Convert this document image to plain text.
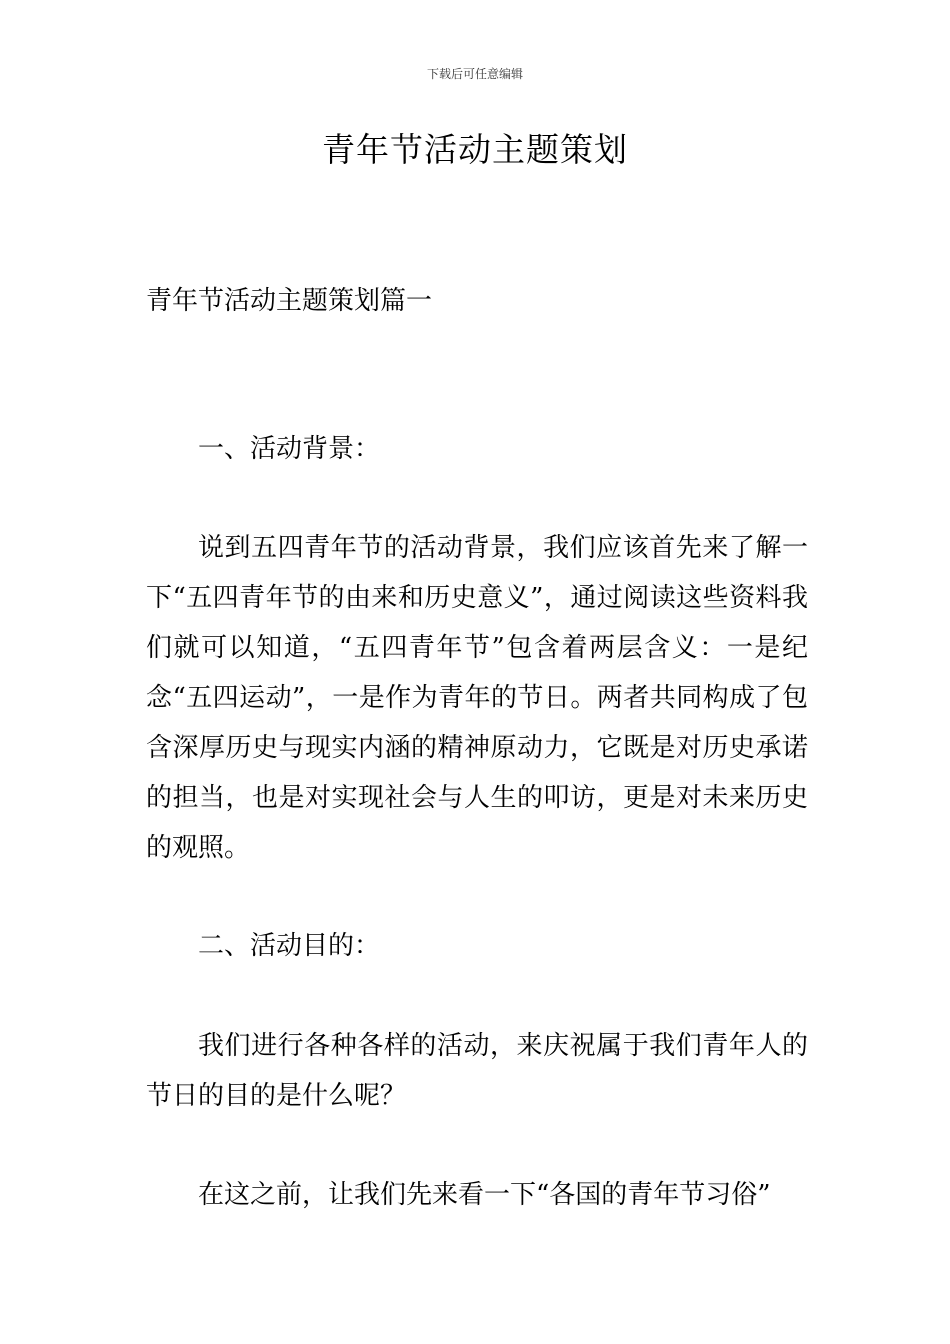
下载后可任意编辑
青年节活动主题策划

青年节活动主题策划篇一

一、活动背景：

说到五四青年节的活动背景，我们应该首先来了解一下“五四青年节的由来和历史意义”，通过阅读这些资料我们就可以知道，“五四青年节”包含着两层含义：一是纪念“五四运动”，一是作为青年的节日。两者共同构成了包含深厚历史与现实内涵的精神原动力，它既是对历史承诺的担当，也是对实现社会与人生的叩访，更是对未来历史的观照。

二、活动目的：

我们进行各种各样的活动，来庆祝属于我们青年人的节日的目的是什么呢？

在这之前，让我们先来看一下“各国的青年节习俗”
